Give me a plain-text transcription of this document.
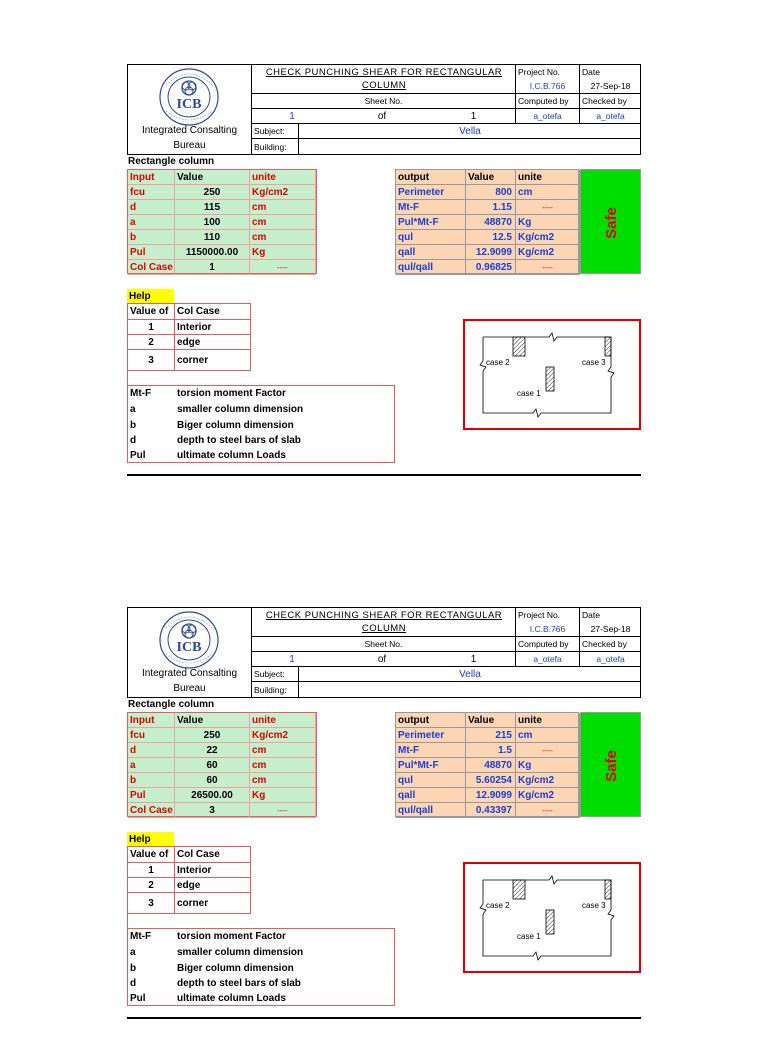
ICB
Integrated Consalting
Bureau
CHECK PUNCHING SHEAR FOR RECTANGULAR
COLUMN
Sheet No.
1	of	1
Project No.	Date
I.C.B.766	27-Sep-18
Computed by	Checked by
a_otefa	a_otefa
Subject:	Vella
Building:
Rectangle column
Input	Value	unite
fcu	250	Kg/cm2
d	115	cm
a	100	cm
b	110	cm
Pul	1150000.00	Kg
Col Case	1	----
output	Value	unite
Perimeter	800 cm
Mt-F	1.15	----
Pul*Mt-F	48870 Kg
qul	12.5 Kg/cm2
qall	12.9099 Kg/cm2
qul/qall	0.96825	----
Safe
Help
Value of Col Case
1	Interior
2	edge
3	corner
Mt-F	torsion moment Factor
a	smaller column dimension
b	Biger column dimension
d	depth to steel bars of slab
Pul	ultimate column Loads
case 2	case 3
case 1
ICB
Integrated Consalting
Bureau
CHECK PUNCHING SHEAR FOR RECTANGULAR
COLUMN
Sheet No.
1	of	1
Project No.	Date
I.C.B.766	27-Sep-18
Computed by	Checked by
a_otefa	a_otefa
Subject:	Vella
Building:
Rectangle column
Input	Value	unite
fcu	250	Kg/cm2
d	22	cm
a	60	cm
b	60	cm
Pul	26500.00	Kg
Col Case	3	----
output	Value	unite
Perimeter	215 cm
Mt-F	1.5	----
Pul*Mt-F	48870 Kg
qul	5.60254 Kg/cm2
qall	12.9099 Kg/cm2
qul/qall	0.43397	----
Safe
Help
Value of Col Case
1	Interior
2	edge
3	corner
Mt-F	torsion moment Factor
a	smaller column dimension
b	Biger column dimension
d	depth to steel bars of slab
Pul	ultimate column Loads
case 2	case 3
case 1
